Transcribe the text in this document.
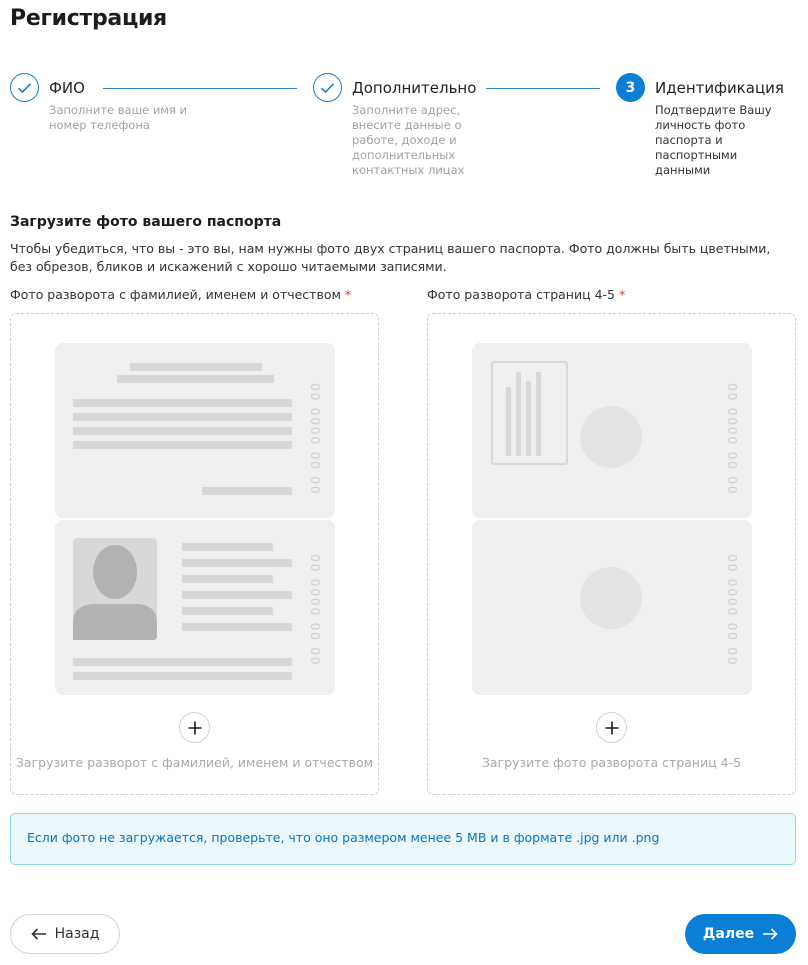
Регистрация
ФИО
Заполните ваше имя и номер телефона
Дополнительно
Заполните адрес, внесите данные о работе, доходе и дополнительных контактных лицах
3	Идентификация
Подтвердите Вашу личность фото паспорта и паспортными данными
Загрузите фото вашего паспорта

Чтобы убедиться, что вы - это вы, нам нужны фото двух страниц вашего паспорта. Фото должны быть цветными, без обрезов, бликов и искажений с хорошо читаемыми записями.

Фото разворота с фамилией, именем и отчеством *	Фото разворота страниц 4-5 *
00 0000 00 00
00 0000 00 00
Загрузите разворот с фамилией, именем и отчеством
00 0000 00 00
00 0000 00 00
Загрузите фото разворота страниц 4-5
Если фото не загружается, проверьте, что оно размером менее 5 MB и в формате .jpg или .png
Назад	Далее
